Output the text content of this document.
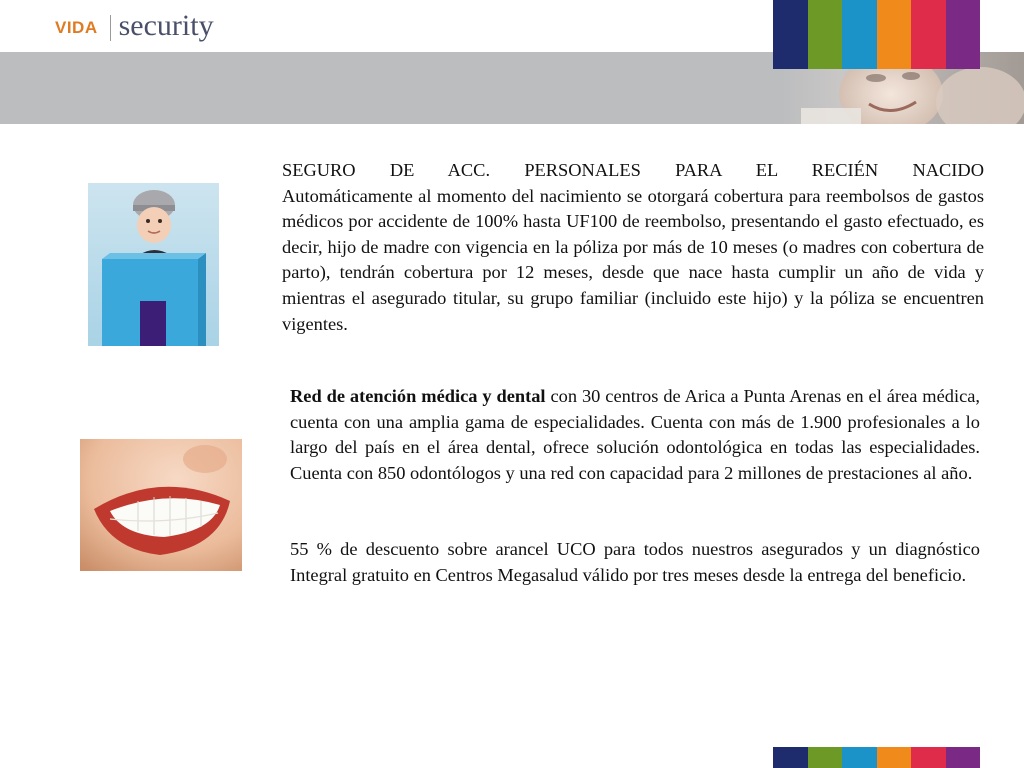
VIDA security

SEGURO DE ACC. PERSONALES PARA EL RECIÉN NACIDO
Automáticamente al momento del nacimiento se otorgará cobertura para reembolsos de gastos médicos por accidente de 100% hasta UF100 de reembolso, presentando el gasto efectuado, es decir, hijo de madre con vigencia en la póliza por más de 10 meses (o madres con cobertura de parto), tendrán cobertura por 12 meses, desde que nace hasta cumplir un año de vida y mientras el asegurado titular, su grupo familiar (incluido este hijo) y la póliza se encuentren vigentes.

Red de atención médica y dental con 30 centros de Arica a Punta Arenas en el área médica, cuenta con una amplia gama de especialidades. Cuenta con más de 1.900 profesionales a lo largo del país en el área dental, ofrece solución odontológica en todas las especialidades. Cuenta con 850 odontólogos y una red con capacidad para 2 millones de prestaciones al año.

55 % de descuento sobre arancel UCO para todos nuestros asegurados y un diagnóstico Integral gratuito en Centros Megasalud válido por tres meses desde la entrega del beneficio.
